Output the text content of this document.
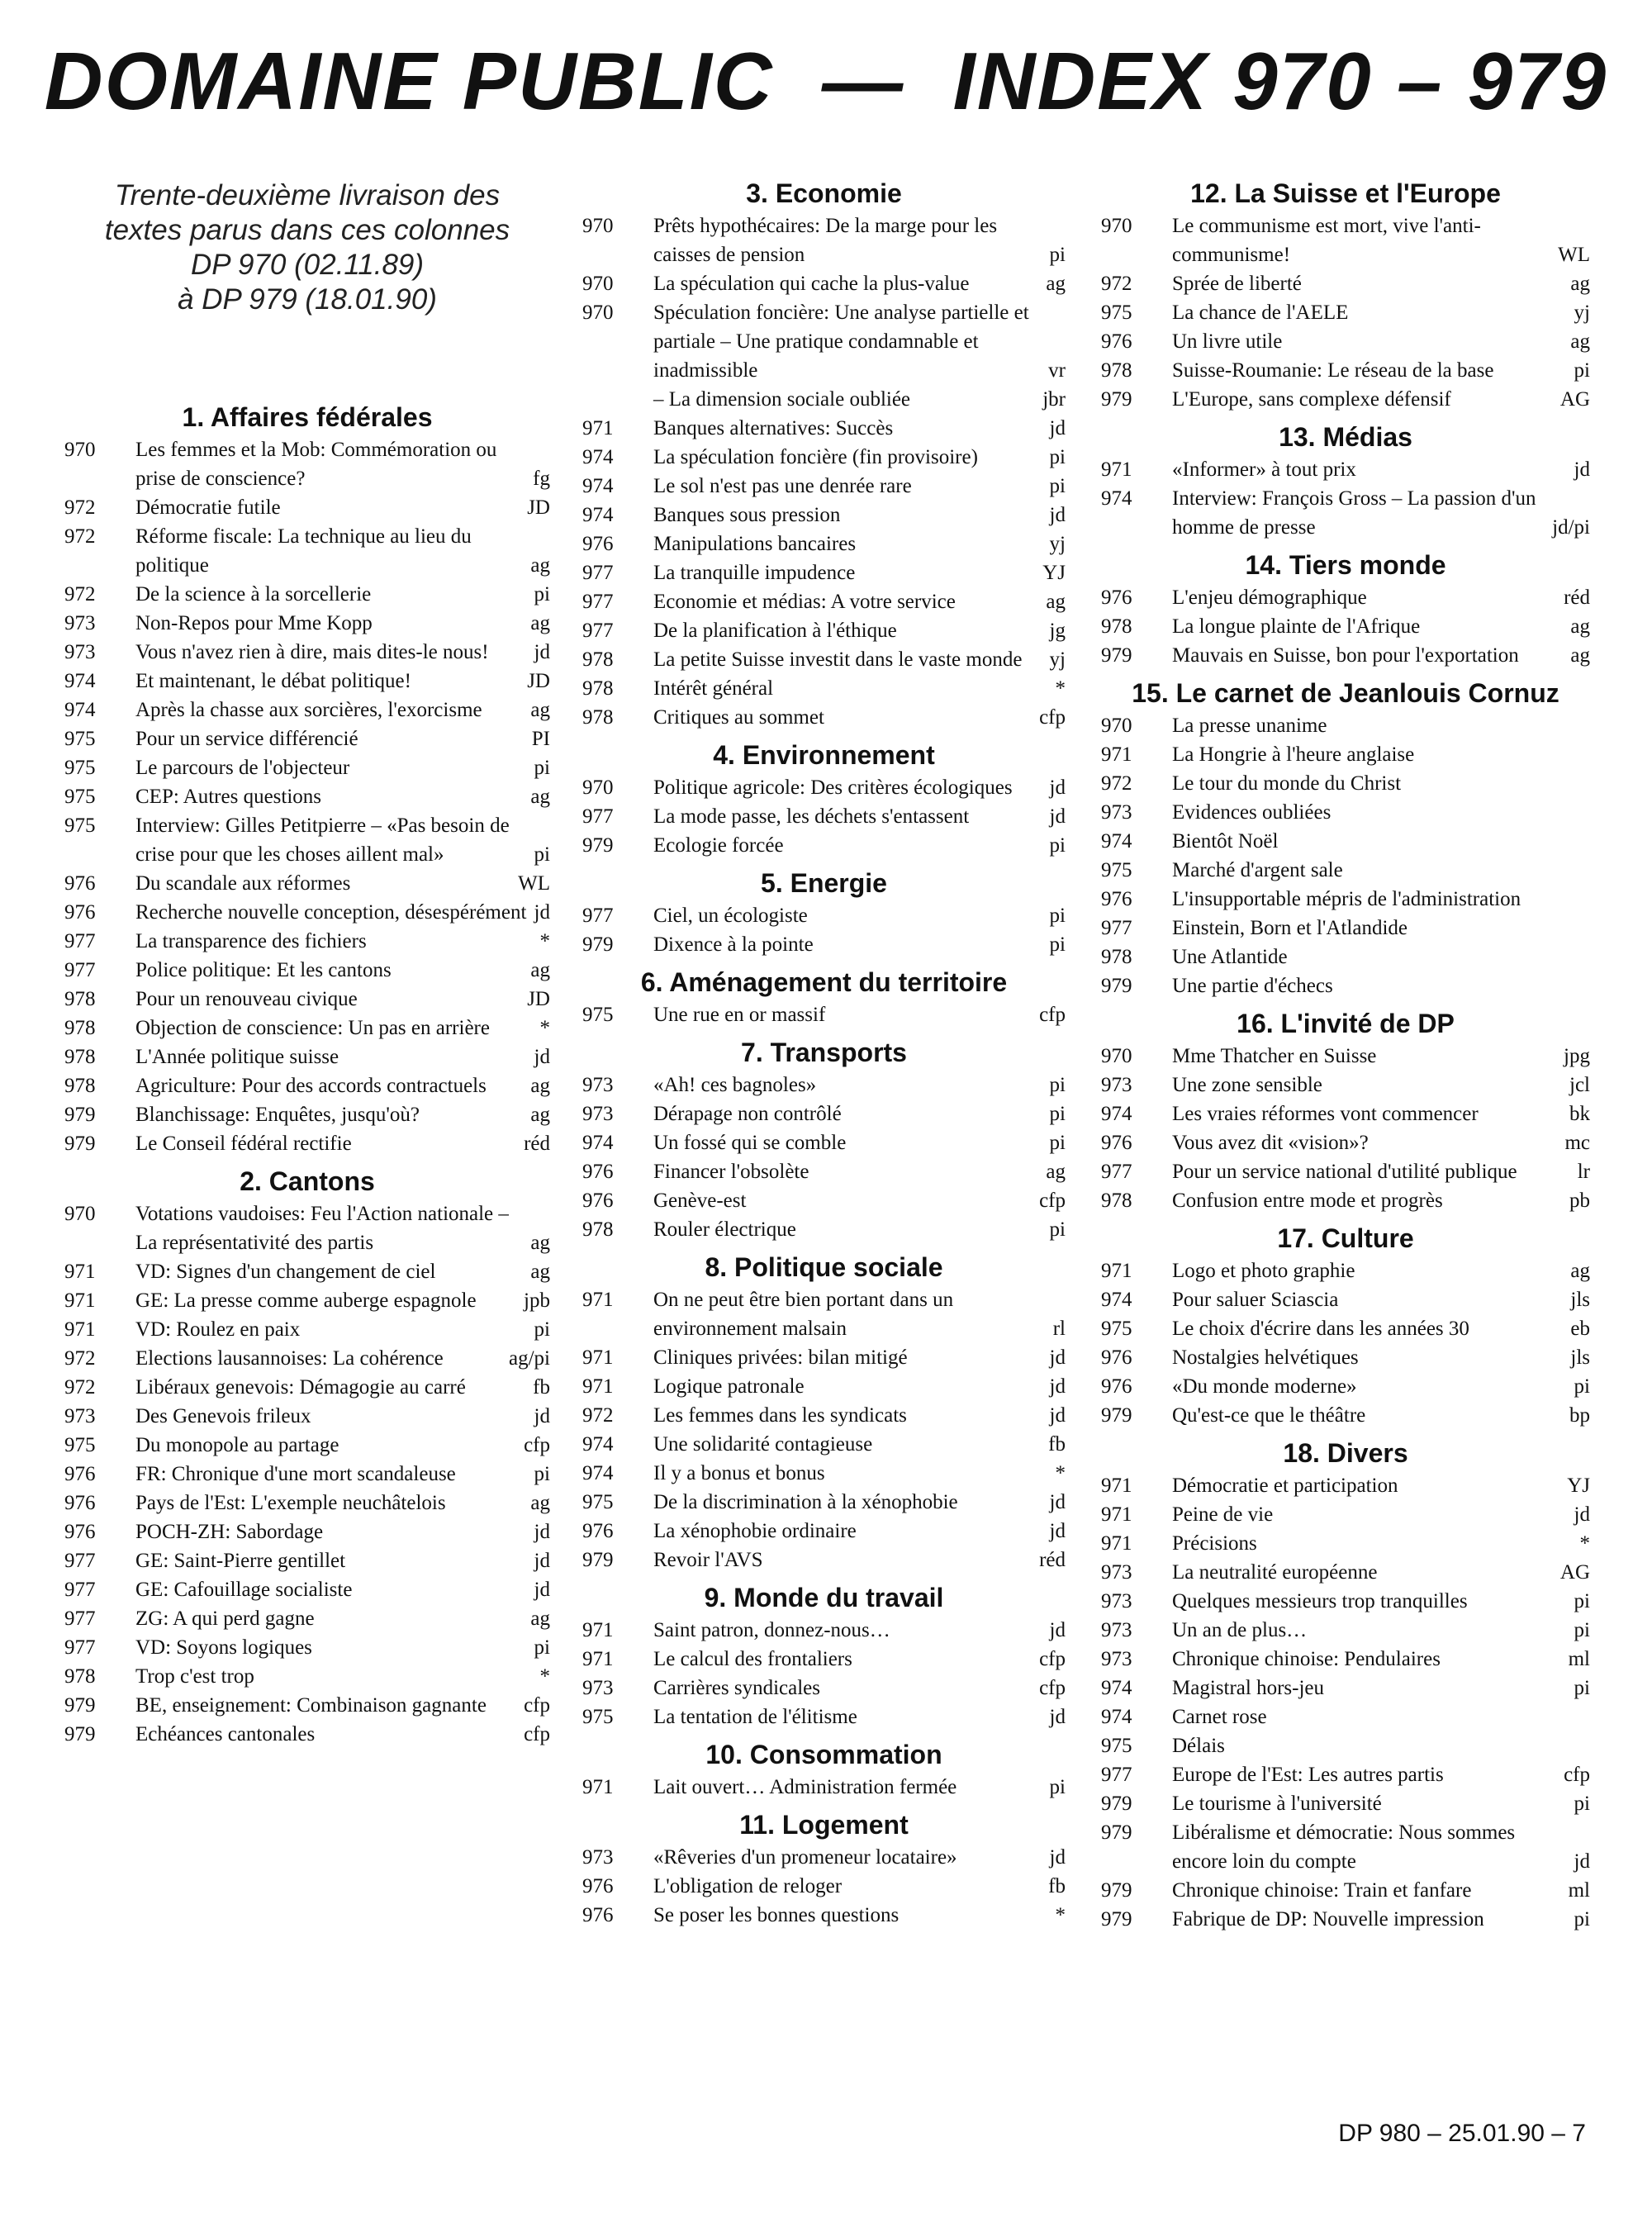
DOMAINE PUBLIC  —  INDEX 970 – 979
Trente-deuxième livraison des
textes parus dans ces colonnes
DP 970 (02.11.89)
à DP 979 (18.01.90)
1. Affaires fédérales
970	Les femmes et la Mob: Commémoration ou prise de conscience?	fg
972	Démocratie futile	JD
972	Réforme fiscale: La technique au lieu du politique	ag
972	De la science à la sorcellerie	pi
973	Non-Repos pour Mme Kopp	ag
973	Vous n'avez rien à dire, mais dites-le nous!	jd
974	Et maintenant, le débat politique!	JD
974	Après la chasse aux sorcières, l'exorcisme	ag
975	Pour un service différencié	PI
975	Le parcours de l'objecteur	pi
975	CEP: Autres questions	ag
975	Interview: Gilles Petitpierre – «Pas besoin de crise pour que les choses aillent mal»	pi
976	Du scandale aux réformes	WL
976	Recherche nouvelle conception, désespérément jd
977	La transparence des fichiers	*
977	Police politique: Et les cantons	ag
978	Pour un renouveau civique	JD
978	Objection de conscience: Un pas en arrière	*
978	L'Année politique suisse	jd
978	Agriculture: Pour des accords contractuels	ag
979	Blanchissage: Enquêtes, jusqu'où?	ag
979	Le Conseil fédéral rectifie	réd
2. Cantons
970	Votations vaudoises: Feu l'Action nationale – La représentativité des partis	ag
971	VD: Signes d'un changement de ciel	ag
971	GE: La presse comme auberge espagnole	jpb
971	VD: Roulez en paix	pi
972	Elections lausannoises: La cohérence	ag/pi
972	Libéraux genevois: Démagogie au carré	fb
973	Des Genevois frileux	jd
975	Du monopole au partage	cfp
976	FR: Chronique d'une mort scandaleuse	pi
976	Pays de l'Est: L'exemple neuchâtelois	ag
976	POCH-ZH: Sabordage	jd
977	GE: Saint-Pierre gentillet	jd
977	GE: Cafouillage socialiste	jd
977	ZG: A qui perd gagne	ag
977	VD: Soyons logiques	pi
978	Trop c'est trop	*
979	BE, enseignement: Combinaison gagnante	cfp
979	Echéances cantonales	cfp
3. Economie
970	Prêts hypothécaires: De la marge pour les caisses de pension	pi
970	La spéculation qui cache la plus-value	ag
970	Spéculation foncière: Une analyse partielle et partiale – Une pratique condamnable et inadmissible	vr
– La dimension sociale oubliée	jbr
971	Banques alternatives: Succès	jd
974	La spéculation foncière (fin provisoire)	pi
974	Le sol n'est pas une denrée rare	pi
974	Banques sous pression	jd
976	Manipulations bancaires	yj
977	La tranquille impudence	YJ
977	Economie et médias: A votre service	ag
977	De la planification à l'éthique	jg
978	La petite Suisse investit dans le vaste monde	yj
978	Intérêt général	*
978	Critiques au sommet	cfp
4. Environnement
970	Politique agricole: Des critères écologiques	jd
977	La mode passe, les déchets s'entassent	jd
979	Ecologie forcée	pi
5. Energie
977	Ciel, un écologiste	pi
979	Dixence à la pointe	pi
6. Aménagement du territoire
975	Une rue en or massif	cfp
7. Transports
973	«Ah! ces bagnoles»	pi
973	Dérapage non contrôlé	pi
974	Un fossé qui se comble	pi
976	Financer l'obsolète	ag
976	Genève-est	cfp
978	Rouler électrique	pi
8. Politique sociale
971	On ne peut être bien portant dans un environnement malsain	rl
971	Cliniques privées: bilan mitigé	jd
971	Logique patronale	jd
972	Les femmes dans les syndicats	jd
974	Une solidarité contagieuse	fb
974	Il y a bonus et bonus	*
975	De la discrimination à la xénophobie	jd
976	La xénophobie ordinaire	jd
979	Revoir l'AVS	réd
9. Monde du travail
971	Saint patron, donnez-nous…	jd
971	Le calcul des frontaliers	cfp
973	Carrières syndicales	cfp
975	La tentation de l'élitisme	jd
10. Consommation
971	Lait ouvert… Administration fermée	pi
11. Logement
973	«Rêveries d'un promeneur locataire»	jd
976	L'obligation de reloger	fb
976	Se poser les bonnes questions	*
12. La Suisse et l'Europe
970	Le communisme est mort, vive l'anti-communisme!	WL
972	Sprée de liberté	ag
975	La chance de l'AELE	yj
976	Un livre utile	ag
978	Suisse-Roumanie: Le réseau de la base	pi
979	L'Europe, sans complexe défensif	AG
13. Médias
971	«Informer» à tout prix	jd
974	Interview: François Gross – La passion d'un homme de presse	jd/pi
14. Tiers monde
976	L'enjeu démographique	réd
978	La longue plainte de l'Afrique	ag
979	Mauvais en Suisse, bon pour l'exportation	ag
15. Le carnet de Jeanlouis Cornuz
970	La presse unanime
971	La Hongrie à l'heure anglaise
972	Le tour du monde du Christ
973	Evidences oubliées
974	Bientôt Noël
975	Marché d'argent sale
976	L'insupportable mépris de l'administration
977	Einstein, Born et l'Atlandide
978	Une Atlantide
979	Une partie d'échecs
16. L'invité de DP
970	Mme Thatcher en Suisse	jpg
973	Une zone sensible	jcl
974	Les vraies réformes vont commencer	bk
976	Vous avez dit «vision»?	mc
977	Pour un service national d'utilité publique	lr
978	Confusion entre mode et progrès	pb
17. Culture
971	Logo et photo graphie	ag
974	Pour saluer Sciascia	jls
975	Le choix d'écrire dans les années 30	eb
976	Nostalgies helvétiques	jls
976	«Du monde moderne»	pi
979	Qu'est-ce que le théâtre	bp
18. Divers
971	Démocratie et participation	YJ
971	Peine de vie	jd
971	Précisions	*
973	La neutralité européenne	AG
973	Quelques messieurs trop tranquilles	pi
973	Un an de plus…	pi
973	Chronique chinoise: Pendulaires	ml
974	Magistral hors-jeu	pi
974	Carnet rose
975	Délais
977	Europe de l'Est: Les autres partis	cfp
979	Le tourisme à l'université	pi
979	Libéralisme et démocratie: Nous sommes encore loin du compte	jd
979	Chronique chinoise: Train et fanfare	ml
979	Fabrique de DP: Nouvelle impression	pi
DP 980 – 25.01.90 – 7
